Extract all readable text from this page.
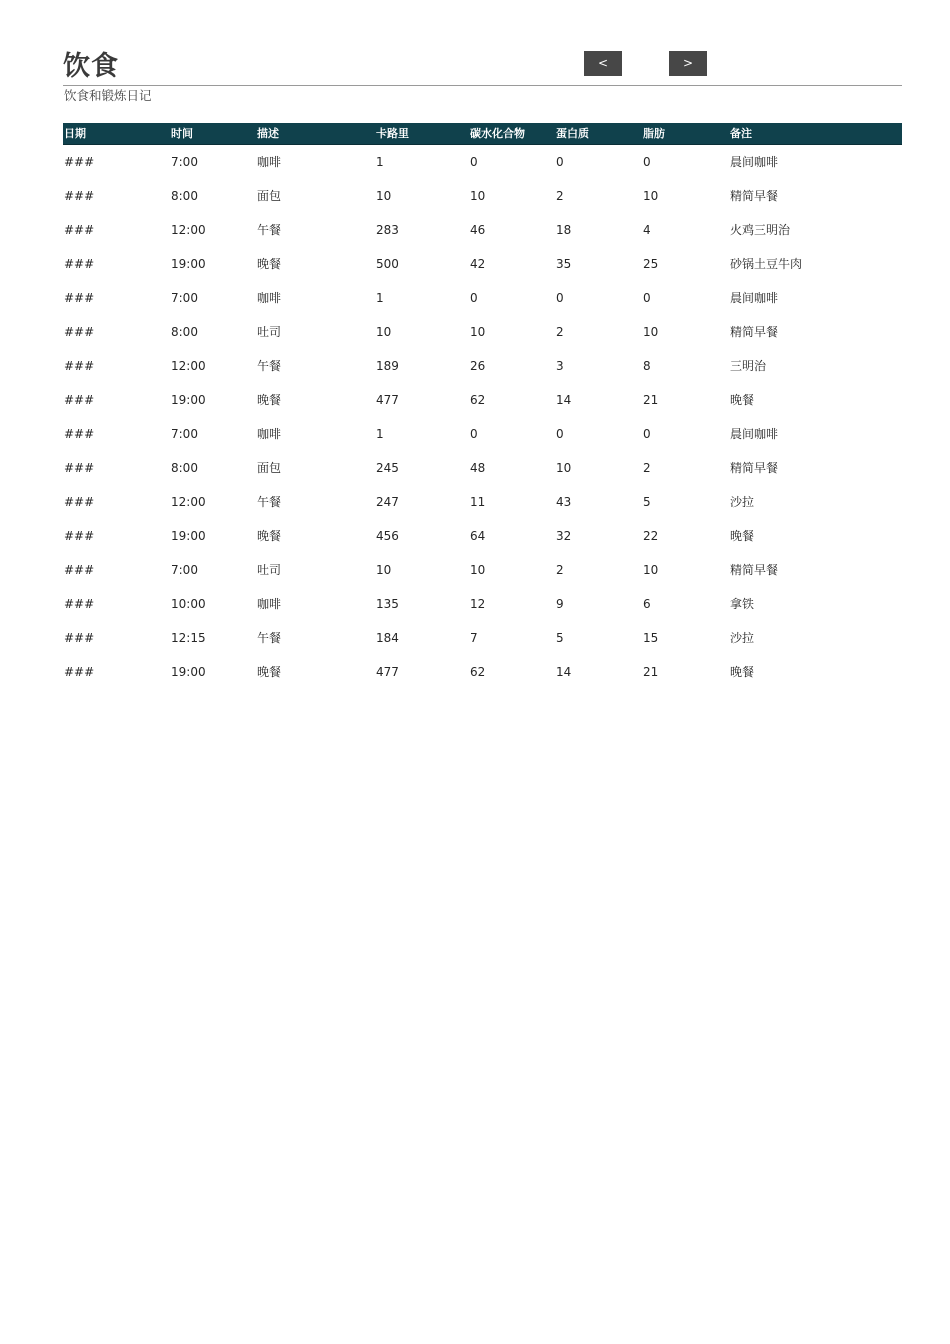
饮食
饮食和锻炼日记
<	>
日期	时间	描述	卡路里	碳水化合物	蛋白质	脂肪	备注
###	7:00	咖啡	1	0	0	0	晨间咖啡
###	8:00	面包	10	10	2	10	精简早餐
###	12:00	午餐	283	46	18	4	火鸡三明治
###	19:00	晚餐	500	42	35	25	砂锅土豆牛肉
###	7:00	咖啡	1	0	0	0	晨间咖啡
###	8:00	吐司	10	10	2	10	精简早餐
###	12:00	午餐	189	26	3	8	三明治
###	19:00	晚餐	477	62	14	21	晚餐
###	7:00	咖啡	1	0	0	0	晨间咖啡
###	8:00	面包	245	48	10	2	精简早餐
###	12:00	午餐	247	11	43	5	沙拉
###	19:00	晚餐	456	64	32	22	晚餐
###	7:00	吐司	10	10	2	10	精简早餐
###	10:00	咖啡	135	12	9	6	拿铁
###	12:15	午餐	184	7	5	15	沙拉
###	19:00	晚餐	477	62	14	21	晚餐
